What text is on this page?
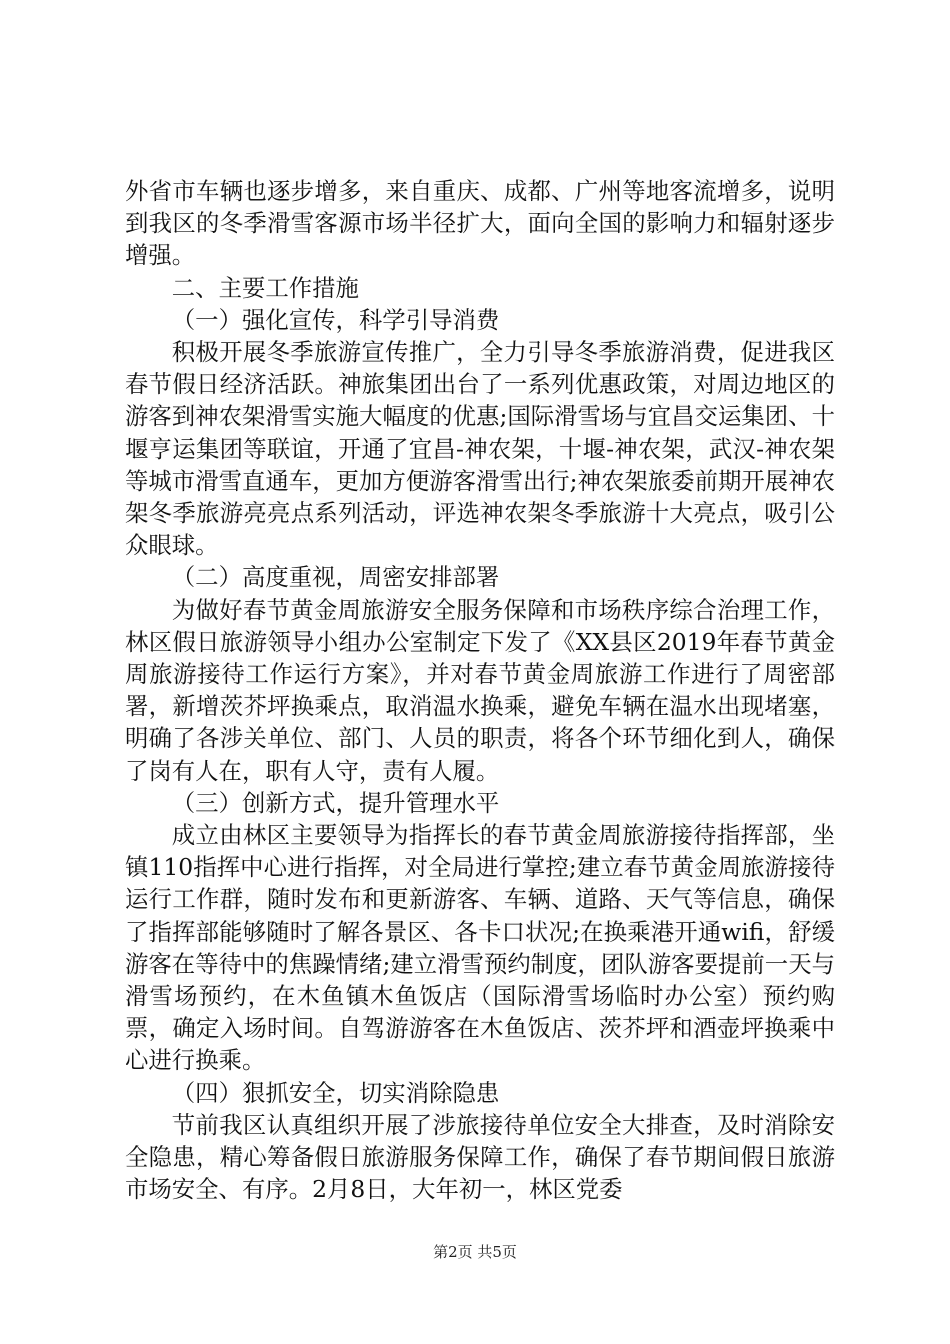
外省市车辆也逐步增多，来自重庆、成都、广州等地客流增多，说明到我区的冬季滑雪客源市场半径扩大，面向全国的影响力和辐射逐步增强。

二、主要工作措施

（一）强化宣传，科学引导消费

积极开展冬季旅游宣传推广，全力引导冬季旅游消费，促进我区春节假日经济活跃。神旅集团出台了一系列优惠政策，对周边地区的游客到神农架滑雪实施大幅度的优惠;国际滑雪场与宜昌交运集团、十堰亨运集团等联谊，开通了宜昌-神农架，十堰-神农架，武汉-神农架等城市滑雪直通车，更加方便游客滑雪出行;神农架旅委前期开展神农架冬季旅游亮亮点系列活动，评选神农架冬季旅游十大亮点，吸引公众眼球。

（二）高度重视，周密安排部署

为做好春节黄金周旅游安全服务保障和市场秩序综合治理工作，林区假日旅游领导小组办公室制定下发了《XX县区2019年春节黄金周旅游接待工作运行方案》，并对春节黄金周旅游工作进行了周密部署，新增茨芥坪换乘点，取消温水换乘，避免车辆在温水出现堵塞，明确了各涉关单位、部门、人员的职责，将各个环节细化到人，确保了岗有人在，职有人守，责有人履。

（三）创新方式，提升管理水平

成立由林区主要领导为指挥长的春节黄金周旅游接待指挥部，坐镇110指挥中心进行指挥，对全局进行掌控;建立春节黄金周旅游接待运行工作群，随时发布和更新游客、车辆、道路、天气等信息，确保了指挥部能够随时了解各景区、各卡口状况;在换乘港开通wifi，舒缓游客在等待中的焦躁情绪;建立滑雪预约制度，团队游客要提前一天与滑雪场预约，在木鱼镇木鱼饭店（国际滑雪场临时办公室）预约购票，确定入场时间。自驾游游客在木鱼饭店、茨芥坪和酒壶坪换乘中心进行换乘。

（四）狠抓安全，切实消除隐患

节前我区认真组织开展了涉旅接待单位安全大排查，及时消除安全隐患，精心筹备假日旅游服务保障工作，确保了春节期间假日旅游市场安全、有序。2月8日，大年初一，林区党委

第2页 共5页
